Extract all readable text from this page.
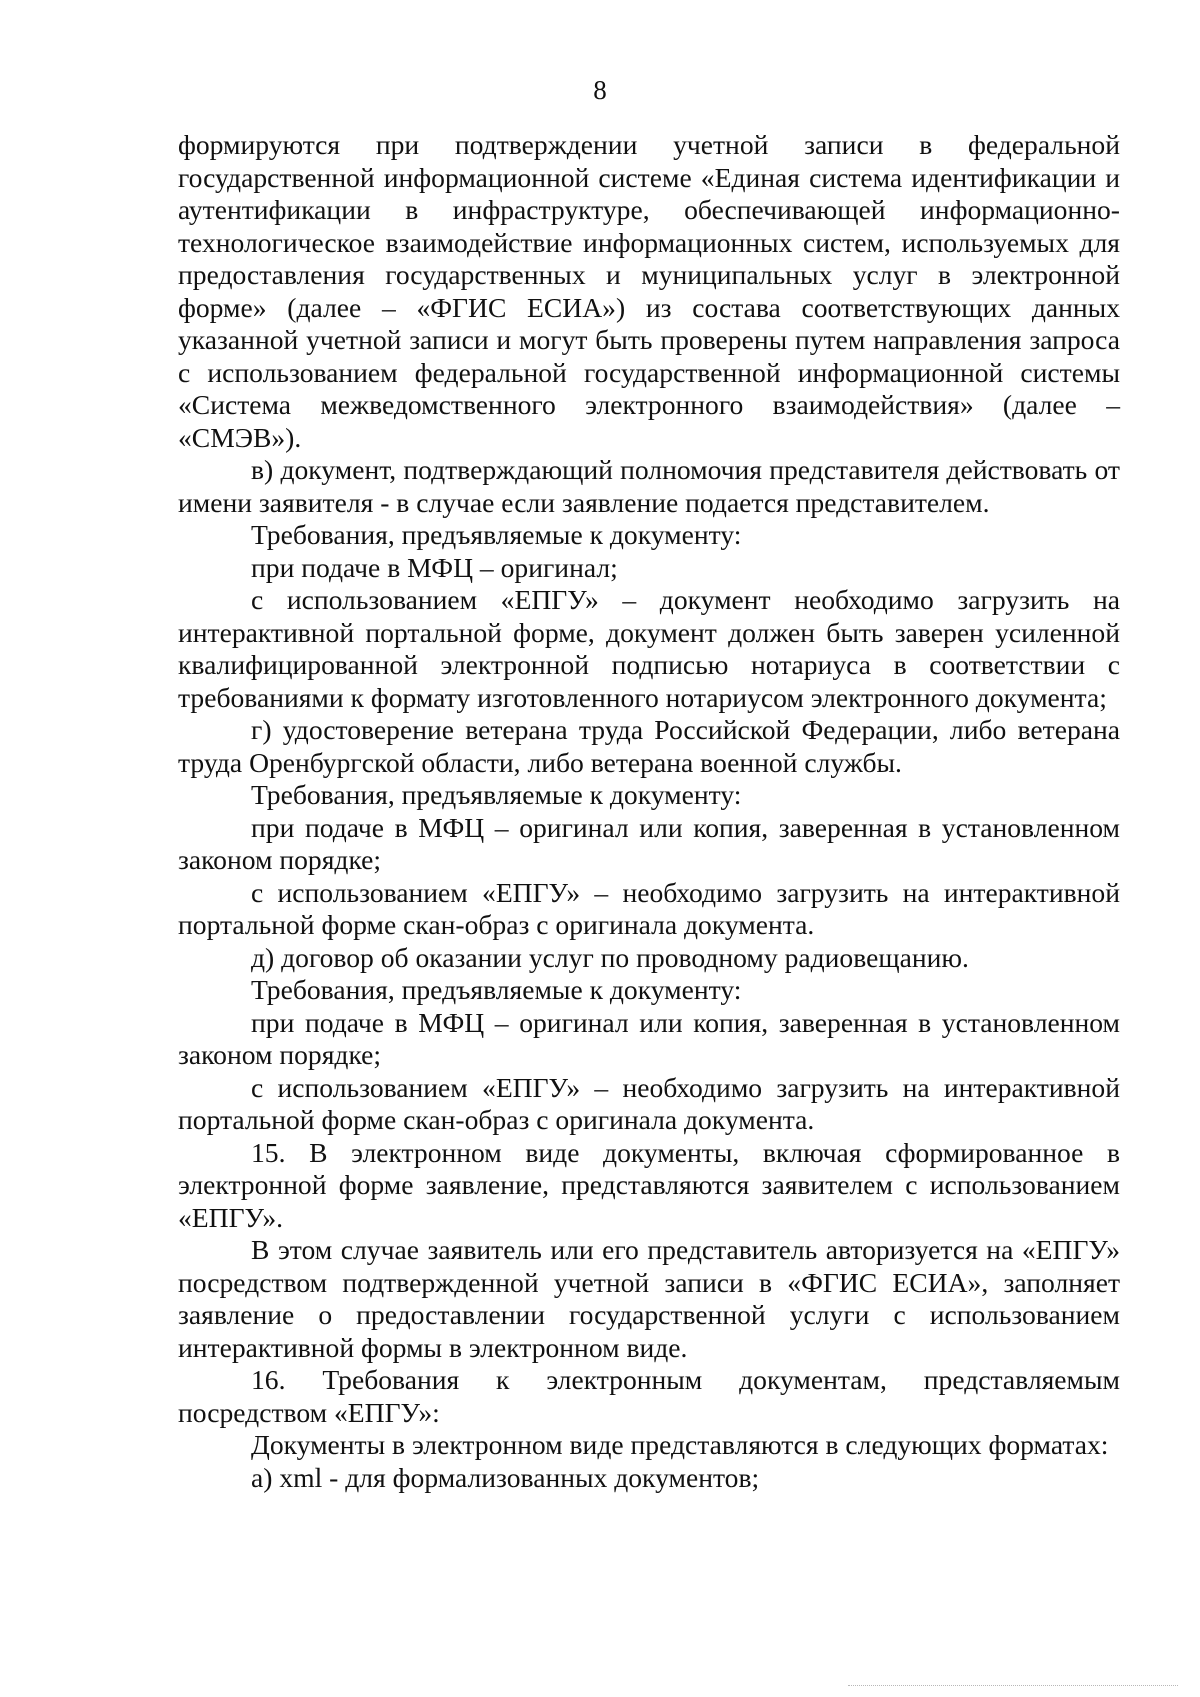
8

формируются при подтверждении учетной записи в федеральной государственной информационной системе «Единая система идентификации и аутентификации в инфраструктуре, обеспечивающей информационно-технологическое взаимодействие информационных систем, используемых для предоставления государственных и муниципальных услуг в электронной форме» (далее – «ФГИС ЕСИА») из состава соответствующих данных указанной учетной записи и могут быть проверены путем направления запроса с использованием федеральной государственной информационной системы «Система межведомственного электронного взаимодействия» (далее – «СМЭВ»).

в) документ, подтверждающий полномочия представителя действовать от имени заявителя - в случае если заявление подается представителем.

Требования, предъявляемые к документу:

при подаче в МФЦ – оригинал;

с использованием «ЕПГУ» – документ необходимо загрузить на интерактивной портальной форме, документ должен быть заверен усиленной квалифицированной электронной подписью нотариуса в соответствии с требованиями к формату изготовленного нотариусом электронного документа;

г) удостоверение ветерана труда Российской Федерации, либо ветерана труда Оренбургской области, либо ветерана военной службы.

Требования, предъявляемые к документу:

при подаче в МФЦ – оригинал или копия, заверенная в установленном законом порядке;

с использованием «ЕПГУ» – необходимо загрузить на интерактивной портальной форме скан-образ с оригинала документа.

д) договор об оказании услуг по проводному радиовещанию.

Требования, предъявляемые к документу:

при подаче в МФЦ – оригинал или копия, заверенная в установленном законом порядке;

с использованием «ЕПГУ» – необходимо загрузить на интерактивной портальной форме скан-образ с оригинала документа.

15. В электронном виде документы, включая сформированное в электронной форме заявление, представляются заявителем с использованием «ЕПГУ».

В этом случае заявитель или его представитель авторизуется на «ЕПГУ» посредством подтвержденной учетной записи в «ФГИС ЕСИА», заполняет заявление о предоставлении государственной услуги с использованием интерактивной формы в электронном виде.

16. Требования к электронным документам, представляемым посредством «ЕПГУ»:

Документы в электронном виде представляются в следующих форматах:

а) xml - для формализованных документов;
